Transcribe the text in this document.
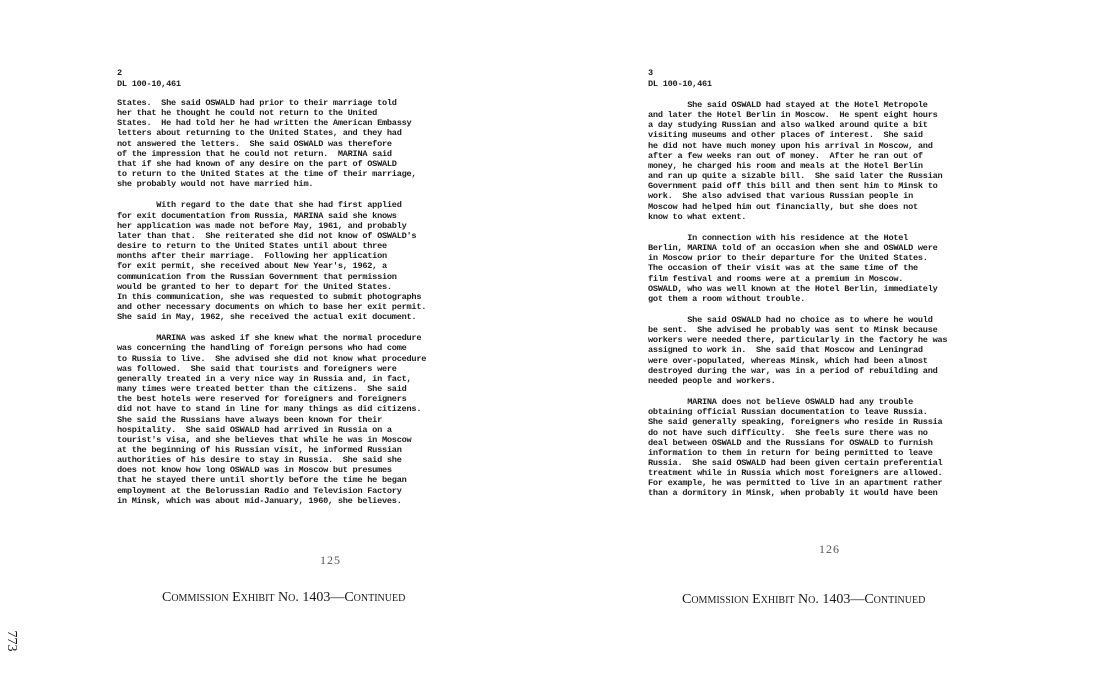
2
DL 100-10,461
States.  She said OSWALD had prior to their marriage told
her that he thought he could not return to the United
States.  He had told her he had written the American Embassy
letters about returning to the United States, and they had
not answered the letters.  She said OSWALD was therefore
of the impression that he could not return.  MARINA said
that if she had known of any desire on the part of OSWALD
to return to the United States at the time of their marriage,
she probably would not have married him.
With regard to the date that she had first applied
for exit documentation from Russia, MARINA said she knows
her application was made not before May, 1961, and probably
later than that.  She reiterated she did not know of OSWALD's
desire to return to the United States until about three
months after their marriage.  Following her application
for exit permit, she received about New Year's, 1962, a
communication from the Russian Government that permission
would be granted to her to depart for the United States.
In this communication, she was requested to submit photographs
and other necessary documents on which to base her exit permit.
She said in May, 1962, she received the actual exit document.
MARINA was asked if she knew what the normal procedure
was concerning the handling of foreign persons who had come
to Russia to live.  She advised she did not know what procedure
was followed.  She said that tourists and foreigners were
generally treated in a very nice way in Russia and, in fact,
many times were treated better than the citizens.  She said
the best hotels were reserved for foreigners and foreigners
did not have to stand in line for many things as did citizens.
She said the Russians have always been known for their
hospitality.  She said OSWALD had arrived in Russia on a
tourist's visa, and she believes that while he was in Moscow
at the beginning of his Russian visit, he informed Russian
authorities of his desire to stay in Russia.  She said she
does not know how long OSWALD was in Moscow but presumes
that he stayed there until shortly before the time he began
employment at the Belorussian Radio and Television Factory
in Minsk, which was about mid-January, 1960, she believes.
125
Commission Exhibit No. 1403—Continued
3
DL 100-10,461
She said OSWALD had stayed at the Hotel Metropole
and later the Hotel Berlin in Moscow.  He spent eight hours
a day studying Russian and also walked around quite a bit
visiting museums and other places of interest.  She said
he did not have much money upon his arrival in Moscow, and
after a few weeks ran out of money.  After he ran out of
money, he charged his room and meals at the Hotel Berlin
and ran up quite a sizable bill.  She said later the Russian
Government paid off this bill and then sent him to Minsk to
work.  She also advised that various Russian people in
Moscow had helped him out financially, but she does not
know to what extent.
In connection with his residence at the Hotel
Berlin, MARINA told of an occasion when she and OSWALD were
in Moscow prior to their departure for the United States.
The occasion of their visit was at the same time of the
film festival and rooms were at a premium in Moscow.
OSWALD, who was well known at the Hotel Berlin, immediately
got them a room without trouble.
She said OSWALD had no choice as to where he would
be sent.  She advised he probably was sent to Minsk because
workers were needed there, particularly in the factory he was
assigned to work in.  She said that Moscow and Leningrad
were over-populated, whereas Minsk, which had been almost
destroyed during the war, was in a period of rebuilding and
needed people and workers.
MARINA does not believe OSWALD had any trouble
obtaining official Russian documentation to leave Russia.
She said generally speaking, foreigners who reside in Russia
do not have such difficulty.  She feels sure there was no
deal between OSWALD and the Russians for OSWALD to furnish
information to them in return for being permitted to leave
Russia.  She said OSWALD had been given certain preferential
treatment while in Russia which most foreigners are allowed.
For example, he was permitted to live in an apartment rather
than a dormitory in Minsk, when probably it would have been
126
Commission Exhibit No. 1403—Continued
773
